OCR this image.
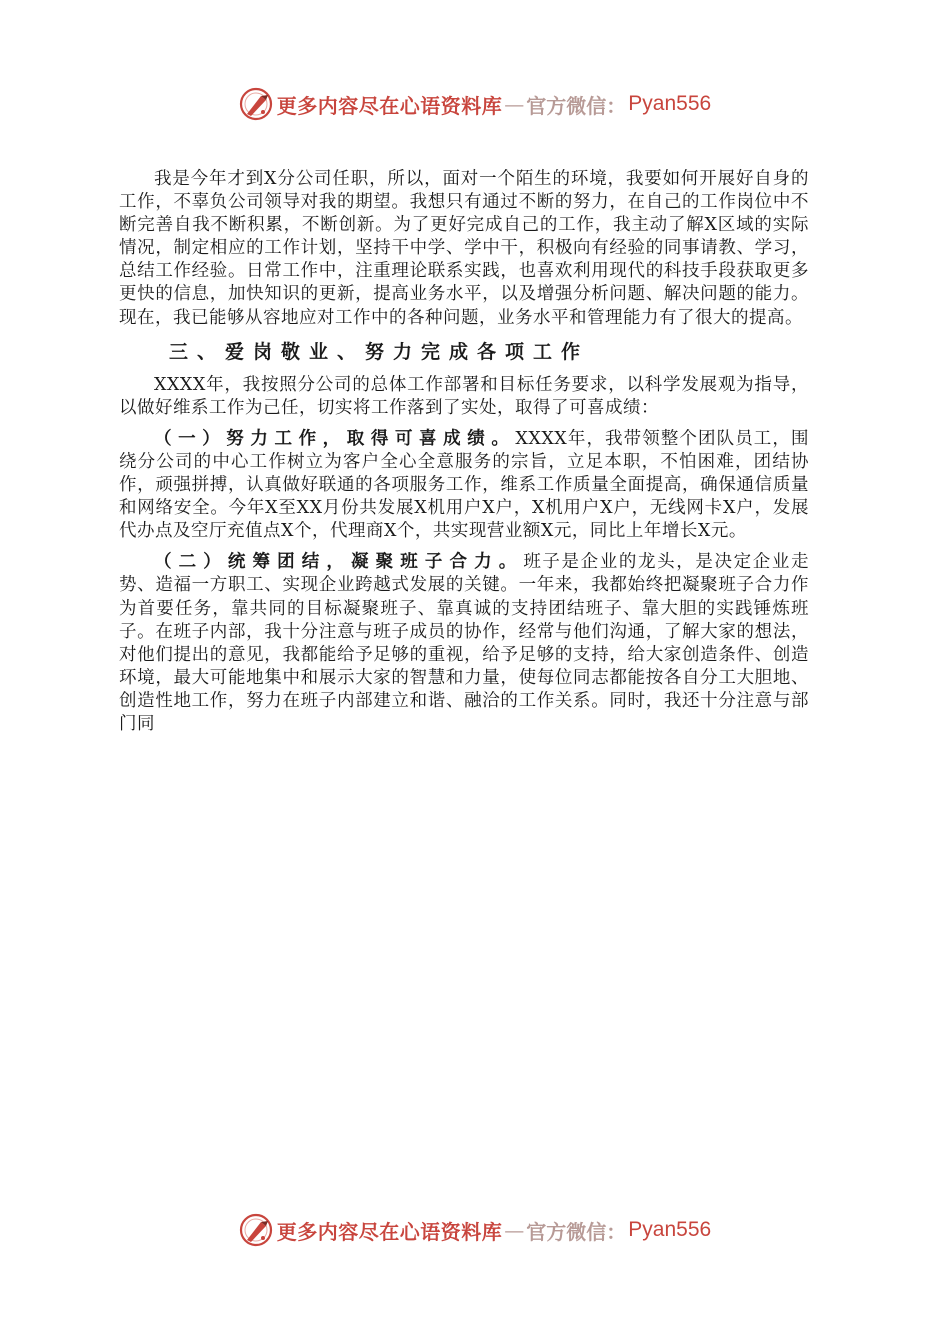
更多内容尽在心语资料库 — 官方微信： Pyan556

我是今年才到X分公司任职，所以，面对一个陌生的环境，我要如何开展好自身的工作，不辜负公司领导对我的期望。我想只有通过不断的努力，在自己的工作岗位中不断完善自我不断积累，不断创新。为了更好完成自己的工作，我主动了解X区域的实际情况，制定相应的工作计划，坚持干中学、学中干，积极向有经验的同事请教、学习，总结工作经验。日常工作中，注重理论联系实践，也喜欢利用现代的科技手段获取更多更快的信息，加快知识的更新，提高业务水平，以及增强分析问题、解决问题的能力。现在，我已能够从容地应对工作中的各种问题，业务水平和管理能力有了很大的提高。

三、爱岗敬业、努力完成各项工作

XXXX年，我按照分公司的总体工作部署和目标任务要求，以科学发展观为指导，以做好维系工作为己任，切实将工作落到了实处，取得了可喜成绩：

（一）努力工作，取得可喜成绩。XXXX年，我带领整个团队员工，围绕分公司的中心工作树立为客户全心全意服务的宗旨，立足本职，不怕困难，团结协作，顽强拼搏，认真做好联通的各项服务工作，维系工作质量全面提高，确保通信质量和网络安全。今年X至XX月份共发展X机用户X户，X机用户X户，无线网卡X户，发展代办点及空厅充值点X个，代理商X个，共实现营业额X元，同比上年增长X元。

（二）统筹团结，凝聚班子合力。班子是企业的龙头，是决定企业走势、造福一方职工、实现企业跨越式发展的关键。一年来，我都始终把凝聚班子合力作为首要任务，靠共同的目标凝聚班子、靠真诚的支持团结班子、靠大胆的实践锤炼班子。在班子内部，我十分注意与班子成员的协作，经常与他们沟通，了解大家的想法，对他们提出的意见，我都能给予足够的重视，给予足够的支持，给大家创造条件、创造环境，最大可能地集中和展示大家的智慧和力量，使每位同志都能按各自分工大胆地、创造性地工作，努力在班子内部建立和谐、融洽的工作关系。同时，我还十分注意与部门同

更多内容尽在心语资料库 — 官方微信： Pyan556
